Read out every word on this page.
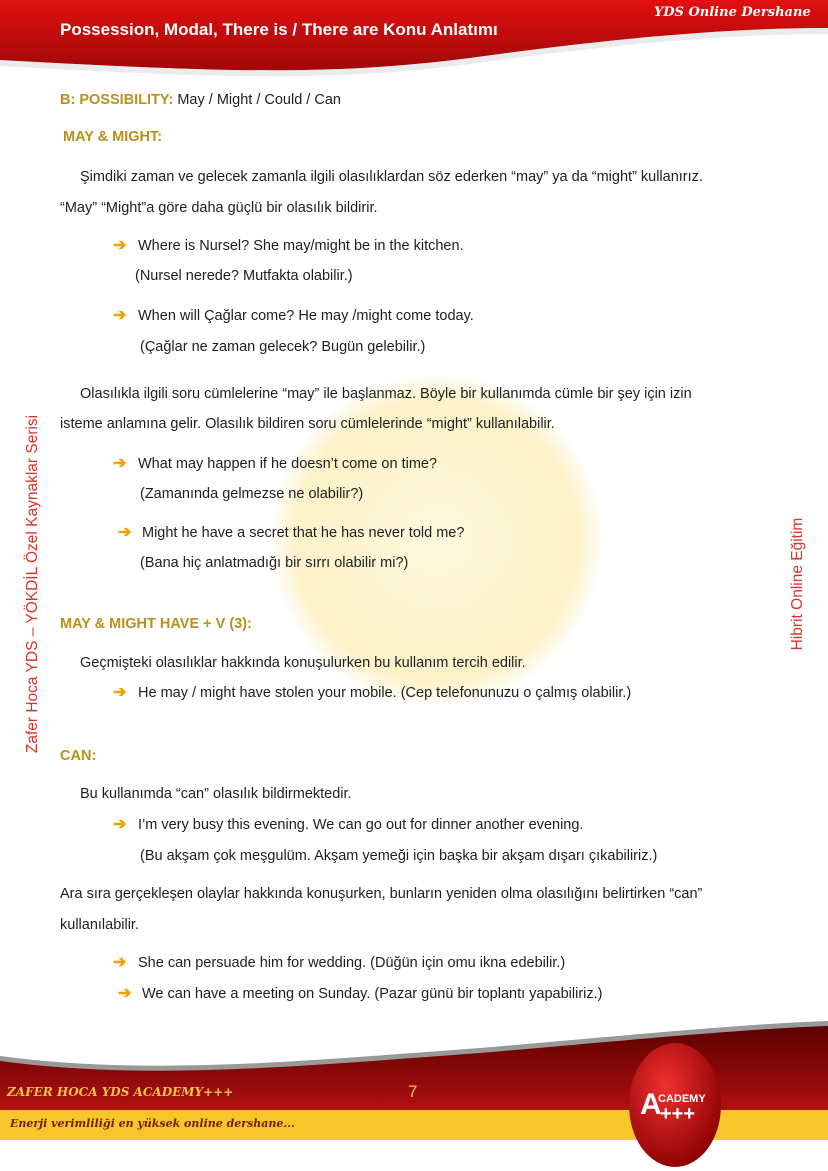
Possession, Modal, There is / There are Konu Anlatımı
YDS Online Dershane
Zafer Hoca YDS – YÖKDİL Özel Kaynaklar Serisi	Hibrit Online Eğitim
B: POSSIBILITY: May / Might / Could / Can
MAY & MIGHT:
Şimdiki zaman ve gelecek zamanla ilgili olasılıklardan söz ederken “may” ya da “might” kullanırız.
“May” “Might”a göre daha güçlü bir olasılık bildirir.
➔ Where is Nursel? She may/might be in the kitchen.
(Nursel nerede? Mutfakta olabilir.)
➔ When will Çağlar come? He may /might come today.
(Çağlar ne zaman gelecek? Bugün gelebilir.)
Olasılıkla ilgili soru cümlelerine “may” ile başlanmaz. Böyle bir kullanımda cümle bir şey için izin
isteme anlamına gelir. Olasılık bildiren soru cümlelerinde “might” kullanılabilir.
➔ What may happen if he doesn’t come on time?
(Zamanında gelmezse ne olabilir?)
➔ Might he have a secret that he has never told me?
(Bana hiç anlatmadığı bir sırrı olabilir mi?)
MAY & MIGHT HAVE + V (3):
Geçmişteki olasılıklar hakkında konuşulurken bu kullanım tercih edilir.
➔ He may / might have stolen your mobile. (Cep telefonunuzu o çalmış olabilir.)
CAN:
Bu kullanımda “can” olasılık bildirmektedir.
➔ I’m very busy this evening. We can go out for dinner another evening.
(Bu akşam çok meşgulüm. Akşam yemeği için başka bir akşam dışarı çıkabiliriz.)
Ara sıra gerçekleşen olaylar hakkında konuşurken, bunların yeniden olma olasılığını belirtirken “can”
kullanılabilir.
➔ She can persuade him for wedding. (Düğün için omu ikna edebilir.)
➔ We can have a meeting on Sunday. (Pazar günü bir toplantı yapabiliriz.)
ZAFER HOCA YDS ACADEMY+++	7
Enerji verimliliği en yüksek online dershane...
A
CADEMY
+++
